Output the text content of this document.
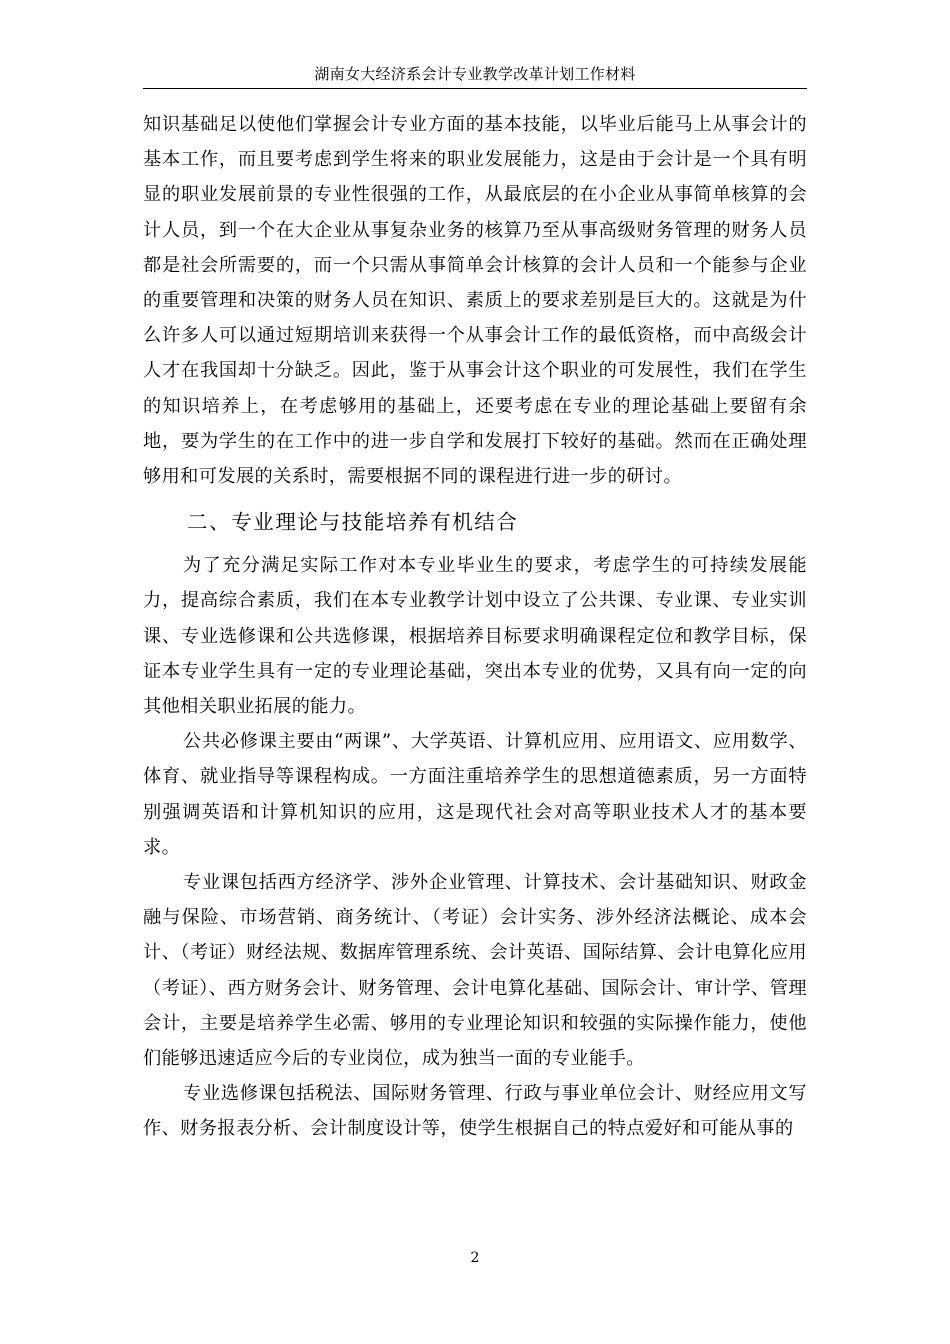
湖南女大经济系会计专业教学改革计划工作材料

知识基础足以使他们掌握会计专业方面的基本技能，以毕业后能马上从事会计的基本工作，而且要考虑到学生将来的职业发展能力，这是由于会计是一个具有明显的职业发展前景的专业性很强的工作，从最底层的在小企业从事简单核算的会计人员，到一个在大企业从事复杂业务的核算乃至从事高级财务管理的财务人员都是社会所需要的，而一个只需从事简单会计核算的会计人员和一个能参与企业的重要管理和决策的财务人员在知识、素质上的要求差别是巨大的。这就是为什么许多人可以通过短期培训来获得一个从事会计工作的最低资格，而中高级会计人才在我国却十分缺乏。因此，鉴于从事会计这个职业的可发展性，我们在学生的知识培养上，在考虑够用的基础上，还要考虑在专业的理论基础上要留有余地，要为学生的在工作中的进一步自学和发展打下较好的基础。然而在正确处理够用和可发展的关系时，需要根据不同的课程进行进一步的研讨。

二、专业理论与技能培养有机结合

为了充分满足实际工作对本专业毕业生的要求，考虑学生的可持续发展能力，提高综合素质，我们在本专业教学计划中设立了公共课、专业课、专业实训课、专业选修课和公共选修课，根据培养目标要求明确课程定位和教学目标，保证本专业学生具有一定的专业理论基础，突出本专业的优势，又具有向一定的向其他相关职业拓展的能力。

公共必修课主要由“两课”、大学英语、计算机应用、应用语文、应用数学、体育、就业指导等课程构成。一方面注重培养学生的思想道德素质，另一方面特别强调英语和计算机知识的应用，这是现代社会对高等职业技术人才的基本要求。

专业课包括西方经济学、涉外企业管理、计算技术、会计基础知识、财政金融与保险、市场营销、商务统计、（考证）会计实务、涉外经济法概论、成本会计、（考证）财经法规、数据库管理系统、会计英语、国际结算、会计电算化应用（考证）、西方财务会计、财务管理、会计电算化基础、国际会计、审计学、管理会计，主要是培养学生必需、够用的专业理论知识和较强的实际操作能力，使他们能够迅速适应今后的专业岗位，成为独当一面的专业能手。

专业选修课包括税法、国际财务管理、行政与事业单位会计、财经应用文写作、财务报表分析、会计制度设计等，使学生根据自己的特点爱好和可能从事的

2
